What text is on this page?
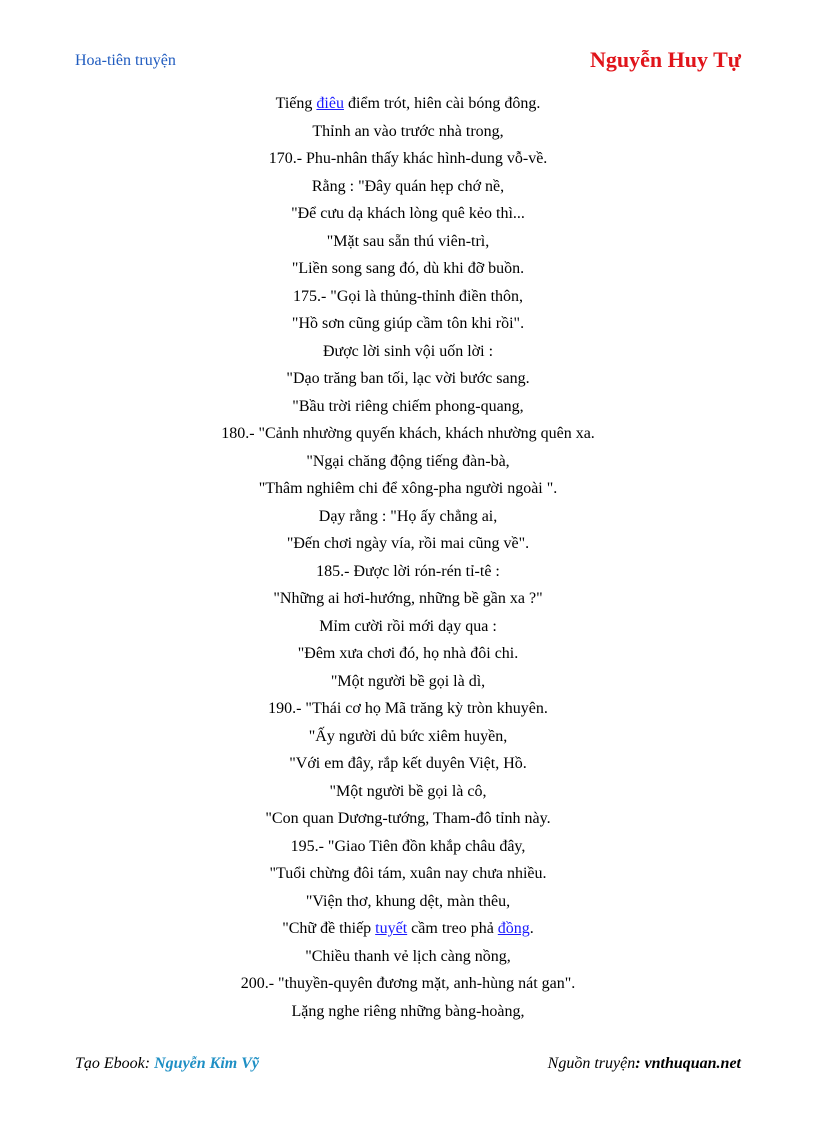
Hoa-tiên truyện	Nguyễn Huy Tự
Tiếng điêu điểm trót, hiên cài bóng đông.
Thỉnh an vào trước nhà trong,
170.- Phu-nhân thấy khác hình-dung vỗ-về.
Rằng : "Đây quán hẹp chớ nề,
"Để cưu dạ khách lòng quê kẻo thì...
"Mặt sau sẵn thú viên-trì,
"Liền song sang đó, dù khi đỡ buồn.
175.- "Gọi là thủng-thỉnh điền thôn,
"Hồ sơn cũng giúp cầm tôn khi rồi".
Được lời sinh vội uốn lời :
"Dạo trăng ban tối, lạc vời bước sang.
"Bầu trời riêng chiếm phong-quang,
180.- "Cảnh nhường quyến khách, khách nhường quên xa.
"Ngại chăng động tiếng đàn-bà,
"Thâm nghiêm chi để xông-pha người ngoài ".
Dạy rằng : "Họ ấy chẳng ai,
"Đến chơi ngày vía, rồi mai cũng về".
185.- Được lời rón-rén tỉ-tê :
"Những ai hơi-hướng, những bề gần xa ?"
Mỉm cười rồi mới dạy qua :
"Đêm xưa chơi đó, họ nhà đôi chi.
"Một người bề gọi là dì,
190.- "Thái cơ họ Mã trăng kỳ tròn khuyên.
"Ấy người dủ bức xiêm huyền,
"Với em đây, rắp kết duyên Việt, Hồ.
"Một người bề gọi là cô,
"Con quan Dương-tướng, Tham-đô tỉnh này.
195.- "Giao Tiên đồn khắp châu đây,
"Tuổi chừng đôi tám, xuân nay chưa nhiều.
"Viện thơ, khung dệt, màn thêu,
"Chữ đề thiếp tuyết cầm treo phả đồng.
"Chiều thanh vẻ lịch càng nồng,
200.- "thuyền-quyên đương mặt, anh-hùng nát gan".
Lặng nghe riêng những bàng-hoàng,
Tạo Ebook: Nguyễn Kim Vỹ	Nguồn truyện: vnthuquan.net
